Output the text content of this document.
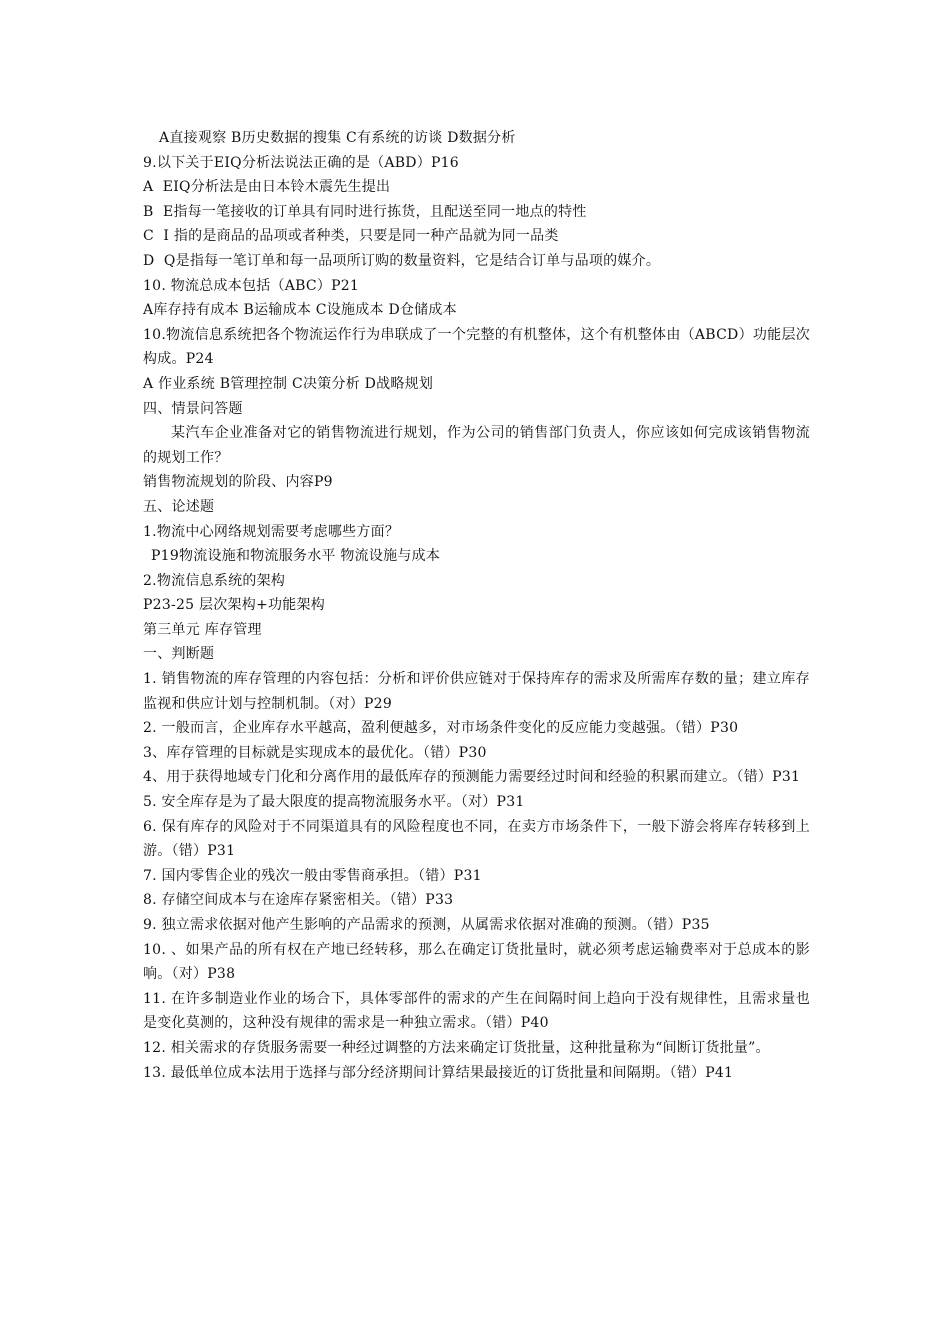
A直接观察 B历史数据的搜集 C有系统的访谈 D数据分析

9.以下关于EIQ分析法说法正确的是（ABD）P16

A  EIQ分析法是由日本铃木震先生提出

B  E指每一笔接收的订单具有同时进行拣货，且配送至同一地点的特性

C  I 指的是商品的品项或者种类，只要是同一种产品就为同一品类

D  Q是指每一笔订单和每一品项所订购的数量资料，它是结合订单与品项的媒介。

10. 物流总成本包括（ABC）P21

A库存持有成本 B运输成本 C设施成本 D仓储成本

10.物流信息系统把各个物流运作行为串联成了一个完整的有机整体，这个有机整体由（ABCD）功能层次构成。P24

A 作业系统 B管理控制 C决策分析 D战略规划

四、情景问答题

某汽车企业准备对它的销售物流进行规划，作为公司的销售部门负责人，你应该如何完成该销售物流的规划工作？

销售物流规划的阶段、内容P9

五、论述题

1.物流中心网络规划需要考虑哪些方面？

P19物流设施和物流服务水平 物流设施与成本

2.物流信息系统的架构

P23-25 层次架构+功能架构

第三单元 库存管理

一、判断题

1. 销售物流的库存管理的内容包括：分析和评价供应链对于保持库存的需求及所需库存数的量；建立库存监视和供应计划与控制机制。（对）P29

2. 一般而言，企业库存水平越高，盈利便越多，对市场条件变化的反应能力变越强。（错）P30

3、库存管理的目标就是实现成本的最优化。（错）P30

4、用于获得地域专门化和分离作用的最低库存的预测能力需要经过时间和经验的积累而建立。（错）P31

5. 安全库存是为了最大限度的提高物流服务水平。（对）P31

6. 保有库存的风险对于不同渠道具有的风险程度也不同，在卖方市场条件下，一般下游会将库存转移到上游。（错）P31

7. 国内零售企业的残次一般由零售商承担。（错）P31

8. 存储空间成本与在途库存紧密相关。（错）P33

9. 独立需求依据对他产生影响的产品需求的预测，从属需求依据对准确的预测。（错）P35

10. 、如果产品的所有权在产地已经转移，那么在确定订货批量时，就必须考虑运输费率对于总成本的影响。（对）P38

11. 在许多制造业作业的场合下，具体零部件的需求的产生在间隔时间上趋向于没有规律性，且需求量也是变化莫测的，这种没有规律的需求是一种独立需求。（错）P40

12. 相关需求的存货服务需要一种经过调整的方法来确定订货批量，这种批量称为“间断订货批量”。

13. 最低单位成本法用于选择与部分经济期间计算结果最接近的订货批量和间隔期。（错）P41
